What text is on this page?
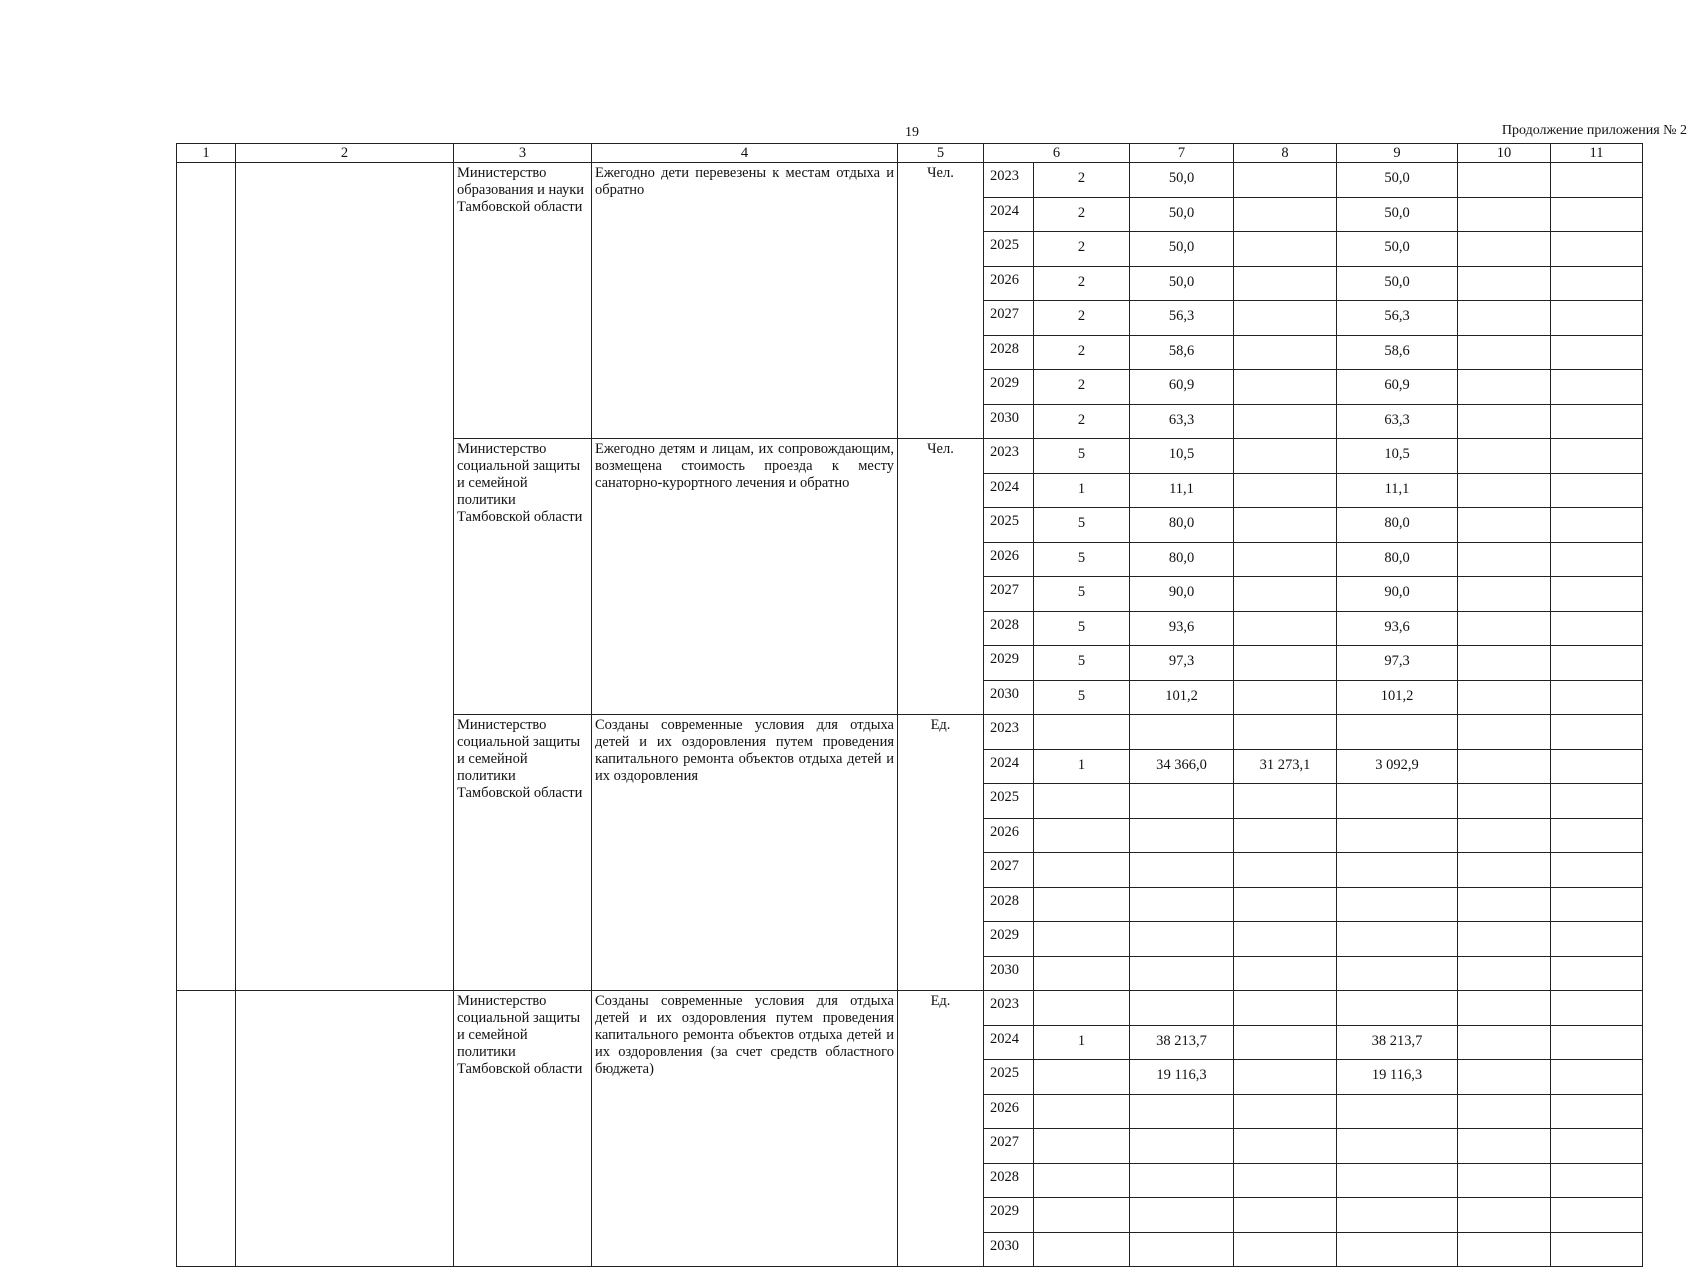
19	Продолжение приложения № 2
1	2	3	4	5	6		7	8	9	10	11
		Министерство образования и науки Тамбовской области	Ежегодно дети перевезены к местам отдыха и обратно	Чел.	2023	2	50,0		50,0		
					2024	2	50,0		50,0		
					2025	2	50,0		50,0		
					2026	2	50,0		50,0		
					2027	2	56,3		56,3		
					2028	2	58,6		58,6		
					2029	2	60,9		60,9		
					2030	2	63,3		63,3		
		Министерство социальной защиты и семейной политики Тамбовской области	Ежегодно детям и лицам, их сопровождающим, возмещена стоимость проезда к месту санаторно-курортного лечения и обратно	Чел.	2023	5	10,5		10,5		
					2024	1	11,1		11,1		
					2025	5	80,0		80,0		
					2026	5	80,0		80,0		
					2027	5	90,0		90,0		
					2028	5	93,6		93,6		
					2029	5	97,3		97,3		
					2030	5	101,2		101,2		
		Министерство социальной защиты и семейной политики Тамбовской области	Созданы современные условия для отдыха детей и их оздоровления путем проведения капитального ремонта объектов отдыха детей и их оздоровления	Ед.	2023						
					2024	1	34 366,0	31 273,1	3 092,9		
					2025						
					2026						
					2027						
					2028						
					2029						
					2030						
		Министерство социальной защиты и семейной политики Тамбовской области	Созданы современные условия для отдыха детей и их оздоровления путем проведения капитального ремонта объектов отдыха детей и их оздоровления (за счет средств областного бюджета)	Ед.	2023						
					2024	1	38 213,7		38 213,7		
					2025		19 116,3		19 116,3		
					2026						
					2027						
					2028						
					2029						
					2030						
